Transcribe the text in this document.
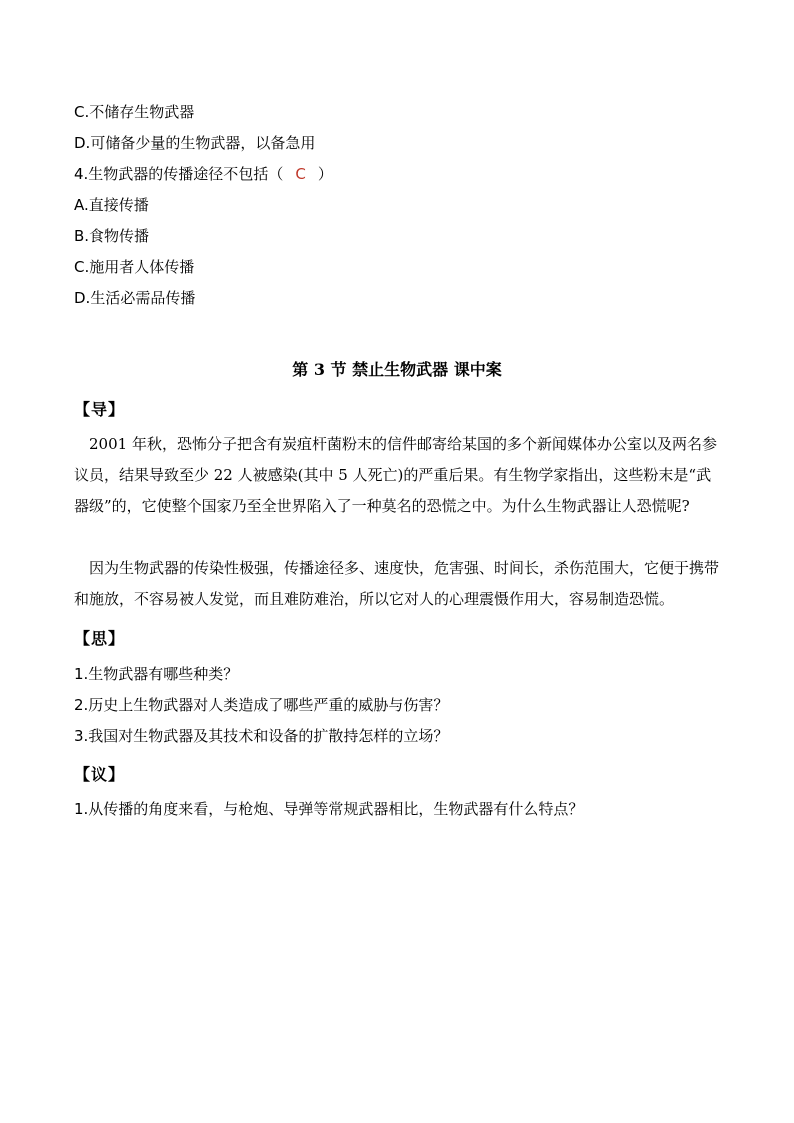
C.不储存生物武器
D.可储备少量的生物武器，以备急用
4.生物武器的传播途径不包括（ C ）
A.直接传播
B.食物传播
C.施用者人体传播
D.生活必需品传播
第 3 节 禁止生物武器 课中案
【导】
2001 年秋，恐怖分子把含有炭疽杆菌粉末的信件邮寄给某国的多个新闻媒体办公室以及两名参议员，结果导致至少 22 人被感染(其中 5 人死亡)的严重后果。有生物学家指出，这些粉末是“武器级”的，它使整个国家乃至全世界陷入了一种莫名的恐慌之中。为什么生物武器让人恐慌呢?
因为生物武器的传染性极强，传播途径多、速度快，危害强、时间长，杀伤范围大，它便于携带和施放，不容易被人发觉，而且难防难治，所以它对人的心理震慑作用大，容易制造恐慌。
【思】
1.生物武器有哪些种类？
2.历史上生物武器对人类造成了哪些严重的威胁与伤害？
3.我国对生物武器及其技术和设备的扩散持怎样的立场？
【议】
1.从传播的角度来看，与枪炮、导弹等常规武器相比，生物武器有什么特点？
